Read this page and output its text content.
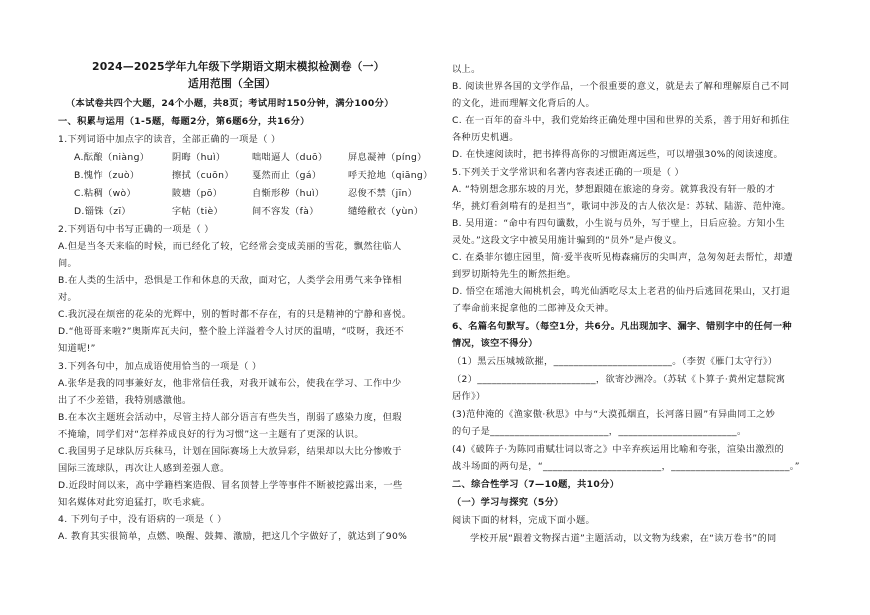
2024—2025学年九年级下学期语文期末模拟检测卷（一）
适用范围（全国）
（本试卷共四个大题，24个小题，共8页；考试用时150分钟，满分100分）
一、积累与运用（1-5题，每题2分，第6题6分，共16分）
1.下列词语中加点字的读音，全部正确的一项是（ ）
A.酝酿（niàng） 阴晦（huì）	咄咄逼人（duō） 屏息凝神（píng）
B.愧怍（zuò）	擦拭（cuōn） 戛然而止（gá）	呼天抢地（qiāng）
C.粘稠（wò）	陂塘（pō）	自惭形秽（huì）	忍俊不禁（jīn）
D.锱铢（zī）	字帖（tiè）	间不容发（fà）	缱绻敝衣（yùn）
2.下列语句中书写正确的一项是（ ）
A.但是当冬天来临的时候，而已经化了较，它经常会变成美丽的雪花，飘然往临人
间。
B.在人类的生活中，恐惧是工作和休息的天敌，面对它，人类学会用勇气来争锋相
对。
C.我沉浸在烦密的花朵的光辉中，别的暂时都不存在，有的只是精神的宁静和喜悦。
D.“他哥哥来啦?”奥斯库瓦夫问，整个脸上洋溢着令人讨厌的温晴，“哎呀，我还不
知道呢!”
3.下列各句中，加点成语使用恰当的一项是（ ）
A.张华是我的同事兼好友，他非常信任我，对我开诚布公，使我在学习、工作中少
出了不少差错，我特别感激他。
B.在本次主题班会活动中，尽管主持人部分语言有些失当，削弱了感染力度，但瑕
不掩瑜，同学们对“怎样养成良好的行为习惯”这一主题有了更深的认识。
C.我国男子足球队厉兵秣马，计划在国际赛场上大放异彩，结果却以大比分惨败于
国际三流球队，再次让人感到差强人意。
D.近段时间以来，高中学籍档案造假、冒名顶替上学等事件不断被挖露出来，一些
知名媒体对此穷追猛打，吹毛求疵。
4. 下列句子中，没有语病的一项是（ ）
A. 教育其实很简单，点燃、唤醒、鼓舞、激励，把这几个字做好了，就达到了90%
以上。
B. 阅读世界各国的文学作品，一个很重要的意义，就是去了解和理解原自己不同
的文化，进而理解文化背后的人。
C. 在一百年的奋斗中，我们党始终正确处理中国和世界的关系，善于用好和抓住
各种历史机遇。
D. 在快速阅读时，把书捧得高你的习惯距离远些，可以增强30%的阅读速度。
5.下列关于文学常识和名著内容表述正确的一项是（ ）
A. “特别想念那东坡的月光，梦想跟随在旅途的身旁。就算我没有轩一般的才
华，挑灯看剑啃有的是担当”，歌词中涉及的古人依次是：苏轼、陆游、范仲淹。
B. 吴用道：“命中有四句谶数，小生说与员外，写于壁上，日后应验。方知小生
灵处。”这段文字中被吴用施计骗到的“员外”是卢俊义。
C. 在桑菲尔德庄园里，简·爱半夜听见梅森痛厉的尖叫声，急匆匆赶去帮忙，却遭
到罗切斯特先生的断然拒绝。
D. 悟空在瑶池大闹桃机会，鸣光仙洒吃尽太上老君的仙丹后逃回花果山，又打退
了奉命前来捉拿他的二郎神及众天神。
6、名篇名句默写。（每空1分，共6分。凡出现加字、漏字、错别字中的任何一种
情况，该空不得分）
（1）黑云压城城欲摧，________________________。（李贺《雁门太守行》）
（2）________________________，欲寄沙洲冷。（苏轼《卜算子·黄州定慧院寓
居作》）
(3)范仲淹的《渔家傲·秋思》中与“大漠孤烟直，长河落日圆”有异曲同工之妙
的句子是________________________，________________________。
(4)《破阵子·为陈同甫赋壮词以寄之》中辛弃疾运用比喻和夸张，渲染出激烈的
战斗场面的两句是，“________________________，________________________。”
二、综合性学习（7—10题，共10分）
（一）学习与探究（5分）
阅读下面的材料，完成下面小题。
学校开展“跟着文物探古道”主题活动，以文物为线索，在“读万卷书”的同
